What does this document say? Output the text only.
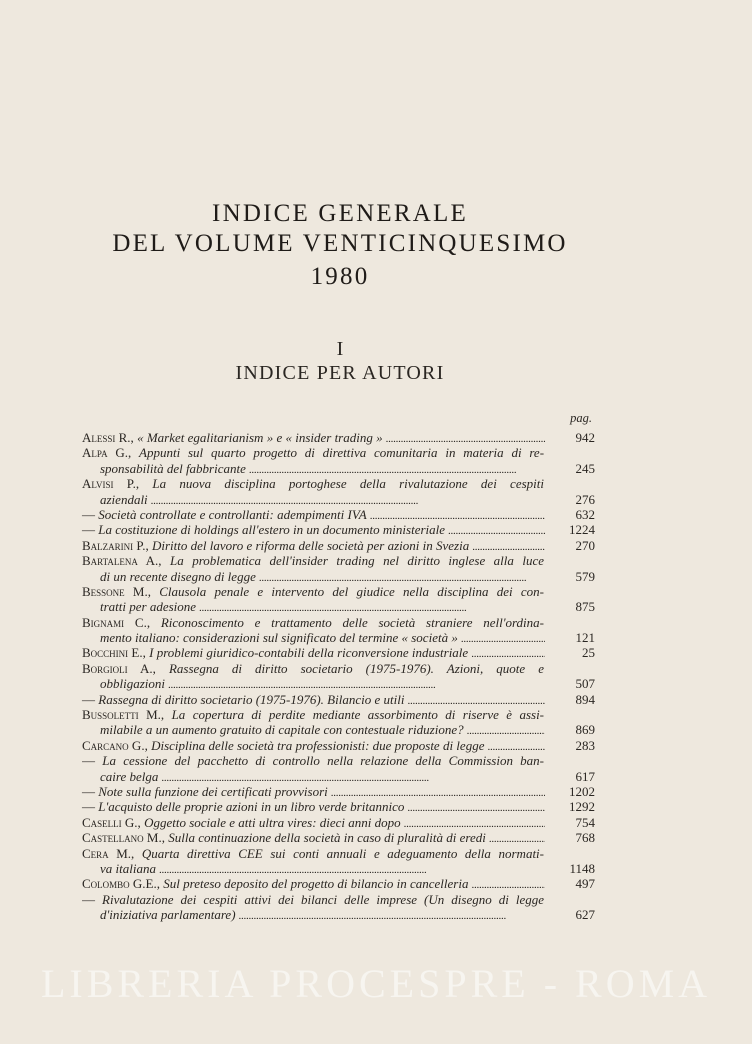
INDICE GENERALE
DEL VOLUME VENTICINQUESIMO
1980
I
INDICE PER AUTORI
pag.
Alessi R., « Market egalitarianism » e « insider trading » . . .	942
Alpa G., Appunti sul quarto progetto di direttiva comunitaria in materia di re-
sponsabilità del fabbricante . . .	245
Alvisi P., La nuova disciplina portoghese della rivalutazione dei cespiti
aziendali . . .	276
— Società controllate e controllanti: adempimenti IVA . . .	632
— La costituzione di holdings all'estero in un documento ministeriale . . .	1224
Balzarini P., Diritto del lavoro e riforma delle società per azioni in Svezia . . .	270
Bartalena A., La problematica dell'insider trading nel diritto inglese alla luce
di un recente disegno di legge . . .	579
Bessone M., Clausola penale e intervento del giudice nella disciplina dei con-
tratti per adesione . . .	875
Bignami C., Riconoscimento e trattamento delle società straniere nell'ordina-
mento italiano: considerazioni sul significato del termine « società » . . .	121
Bocchini E., I problemi giuridico-contabili della riconversione industriale . . .	25
Borgioli A., Rassegna di diritto societario (1975-1976). Azioni, quote e
obbligazioni . . .	507
— Rassegna di diritto societario (1975-1976). Bilancio e utili . . .	894
Bussoletti M., La copertura di perdite mediante assorbimento di riserve è assi-
milabile a un aumento gratuito di capitale con contestuale riduzione? . . .	869
Carcano G., Disciplina delle società tra professionisti: due proposte di legge . . .	283
— La cessione del pacchetto di controllo nella relazione della Commission ban-
caire belga . . .	617
— Note sulla funzione dei certificati provvisori . . .	1202
— L'acquisto delle proprie azioni in un libro verde britannico . . .	1292
Caselli G., Oggetto sociale e atti ultra vires: dieci anni dopo . . .	754
Castellano M., Sulla continuazione della società in caso di pluralità di eredi . . .	768
Cera M., Quarta direttiva CEE sui conti annuali e adeguamento della normati-
va italiana . . .	1148
Colombo G.E., Sul preteso deposito del progetto di bilancio in cancelleria . . .	497
— Rivalutazione dei cespiti attivi dei bilanci delle imprese (Un disegno di legge
d'iniziativa parlamentare) . . .	627
LIBRERIA PROCESPRE - ROMA
